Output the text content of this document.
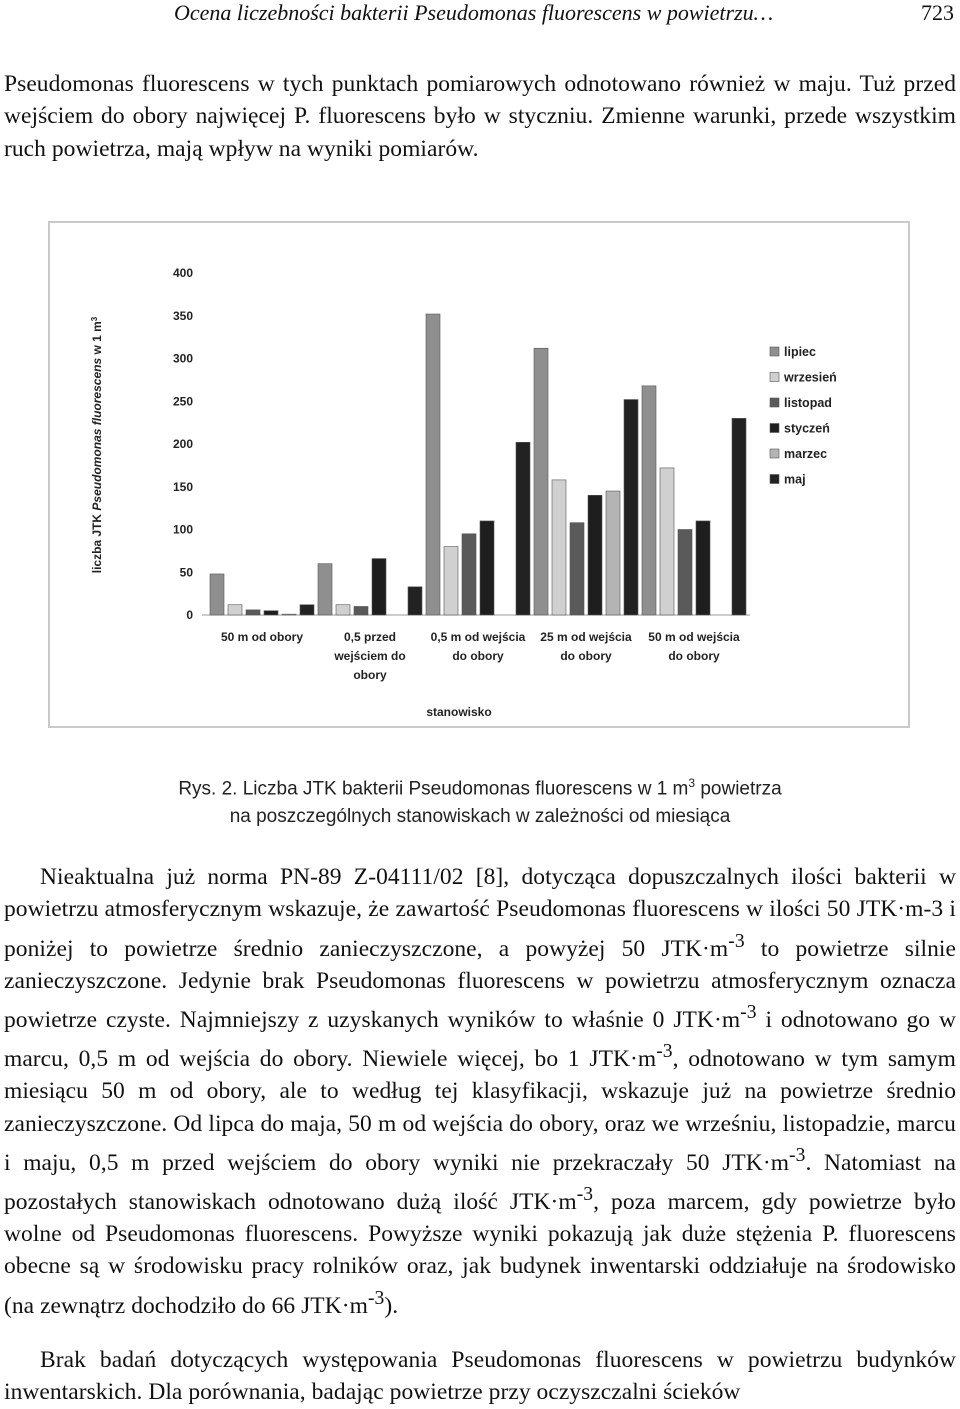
Ocena liczebności bakterii Pseudomonas fluorescens w powietrzu…	723

Pseudomonas fluorescens w tych punktach pomiarowych odnotowano również w maju. Tuż przed wejściem do obory najwięcej P. fluorescens było w styczniu. Zmienne warunki, przede wszystkim ruch powietrza, mają wpływ na wyniki pomiarów.

0
50
100
150
200
250
300
350
400
50 m od obory	0,5 przed wejściem do obory
0,5 m od wejścia do obory
25 m od wejścia do obory
50 m od wejścia do obory
stanowisko
liczba JTK Pseudomonas fluorescens w 1 $m^3$
lipiec
wrzesień
listopad
styczeń
marzec
maj
Rys. 2. Liczba JTK bakterii Pseudomonas fluorescens w 1 $m^3$ powietrza
na poszczególnych stanowiskach w zależności od miesiąca

Nieaktualna już norma PN-89 Z-04111/02 [8], dotycząca dopuszczalnych ilości bakterii w powietrzu atmosferycznym wskazuje, że zawartość Pseudomonas fluorescens w ilości 50 JTK·m-3 i poniżej to powietrze średnio zanieczyszczone, a powyżej 50 $JTK\cdot m^{-3}$ to powietrze silnie zanieczyszczone. Jedynie brak Pseudomonas fluorescens w powietrzu atmosferycznym oznacza powietrze czyste. Najmniejszy z uzyskanych wyników to właśnie 0 $JTK\cdot m^{-3}$ i odnotowano go w marcu, 0,5 m od wejścia do obory. Niewiele więcej, bo 1 $JTK\cdot m^{-3}$, odnotowano w tym samym miesiącu 50 m od obory, ale to według tej klasyfikacji, wskazuje już na powietrze średnio zanieczyszczone. Od lipca do maja, 50 m od wejścia do obory, oraz we wrześniu, listopadzie, marcu i maju, 0,5 m przed wejściem do obory wyniki nie przekraczały 50 $JTK\cdot m^{-3}$. Natomiast na pozostałych stanowiskach odnotowano dużą ilość $JTK\cdot m^{-3}$, poza marcem, gdy powietrze było wolne od Pseudomonas fluorescens. Powyższe wyniki pokazują jak duże stężenia P. fluorescens obecne są w środowisku pracy rolników oraz, jak budynek inwentarski oddziałuje na środowisko (na zewnątrz dochodziło do 66 $JTK\cdot m^{-3}$).

Brak badań dotyczących występowania Pseudomonas fluorescens w powietrzu budynków inwentarskich. Dla porównania, badając powietrze przy oczyszczalni ścieków
